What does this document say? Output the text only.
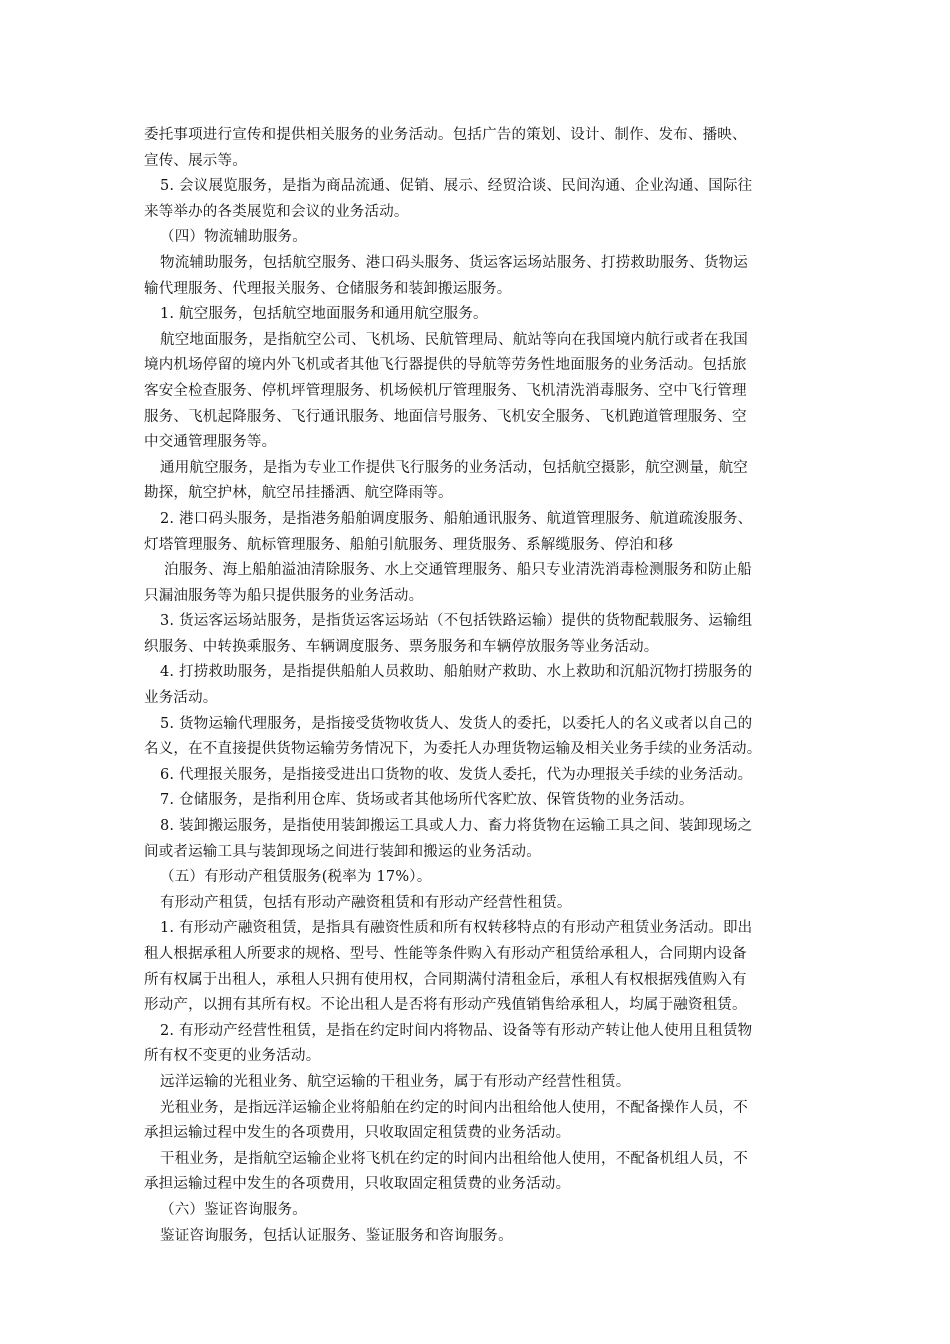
委托事项进行宣传和提供相关服务的业务活动。包括广告的策划、设计、制作、发布、播映、
宣传、展示等。
5. 会议展览服务，是指为商品流通、促销、展示、经贸洽谈、民间沟通、企业沟通、国际往
来等举办的各类展览和会议的业务活动。
（四）物流辅助服务。
物流辅助服务，包括航空服务、港口码头服务、货运客运场站服务、打捞救助服务、货物运
输代理服务、代理报关服务、仓储服务和装卸搬运服务。
1. 航空服务，包括航空地面服务和通用航空服务。
航空地面服务，是指航空公司、飞机场、民航管理局、航站等向在我国境内航行或者在我国
境内机场停留的境内外飞机或者其他飞行器提供的导航等劳务性地面服务的业务活动。包括旅
客安全检查服务、停机坪管理服务、机场候机厅管理服务、飞机清洗消毒服务、空中飞行管理
服务、飞机起降服务、飞行通讯服务、地面信号服务、飞机安全服务、飞机跑道管理服务、空
中交通管理服务等。
通用航空服务，是指为专业工作提供飞行服务的业务活动，包括航空摄影，航空测量，航空
勘探，航空护林，航空吊挂播洒、航空降雨等。
2. 港口码头服务，是指港务船舶调度服务、船舶通讯服务、航道管理服务、航道疏浚服务、
灯塔管理服务、航标管理服务、船舶引航服务、理货服务、系解缆服务、停泊和移
泊服务、海上船舶溢油清除服务、水上交通管理服务、船只专业清洗消毒检测服务和防止船
只漏油服务等为船只提供服务的业务活动。
3. 货运客运场站服务，是指货运客运场站（不包括铁路运输）提供的货物配载服务、运输组
织服务、中转换乘服务、车辆调度服务、票务服务和车辆停放服务等业务活动。
4. 打捞救助服务，是指提供船舶人员救助、船舶财产救助、水上救助和沉船沉物打捞服务的
业务活动。
5. 货物运输代理服务，是指接受货物收货人、发货人的委托，以委托人的名义或者以自己的
名义，在不直接提供货物运输劳务情况下，为委托人办理货物运输及相关业务手续的业务活动。
6. 代理报关服务，是指接受进出口货物的收、发货人委托，代为办理报关手续的业务活动。
7. 仓储服务，是指利用仓库、货场或者其他场所代客贮放、保管货物的业务活动。
8. 装卸搬运服务，是指使用装卸搬运工具或人力、畜力将货物在运输工具之间、装卸现场之
间或者运输工具与装卸现场之间进行装卸和搬运的业务活动。
（五）有形动产租赁服务(税率为 17%）。
有形动产租赁，包括有形动产融资租赁和有形动产经营性租赁。
1. 有形动产融资租赁，是指具有融资性质和所有权转移特点的有形动产租赁业务活动。即出
租人根据承租人所要求的规格、型号、性能等条件购入有形动产租赁给承租人，合同期内设备
所有权属于出租人，承租人只拥有使用权，合同期满付清租金后，承租人有权根据残值购入有
形动产，以拥有其所有权。不论出租人是否将有形动产残值销售给承租人，均属于融资租赁。
2. 有形动产经营性租赁，是指在约定时间内将物品、设备等有形动产转让他人使用且租赁物
所有权不变更的业务活动。
远洋运输的光租业务、航空运输的干租业务，属于有形动产经营性租赁。
光租业务，是指远洋运输企业将船舶在约定的时间内出租给他人使用，不配备操作人员，不
承担运输过程中发生的各项费用，只收取固定租赁费的业务活动。
干租业务，是指航空运输企业将飞机在约定的时间内出租给他人使用，不配备机组人员，不
承担运输过程中发生的各项费用，只收取固定租赁费的业务活动。
（六）鉴证咨询服务。
鉴证咨询服务，包括认证服务、鉴证服务和咨询服务。
